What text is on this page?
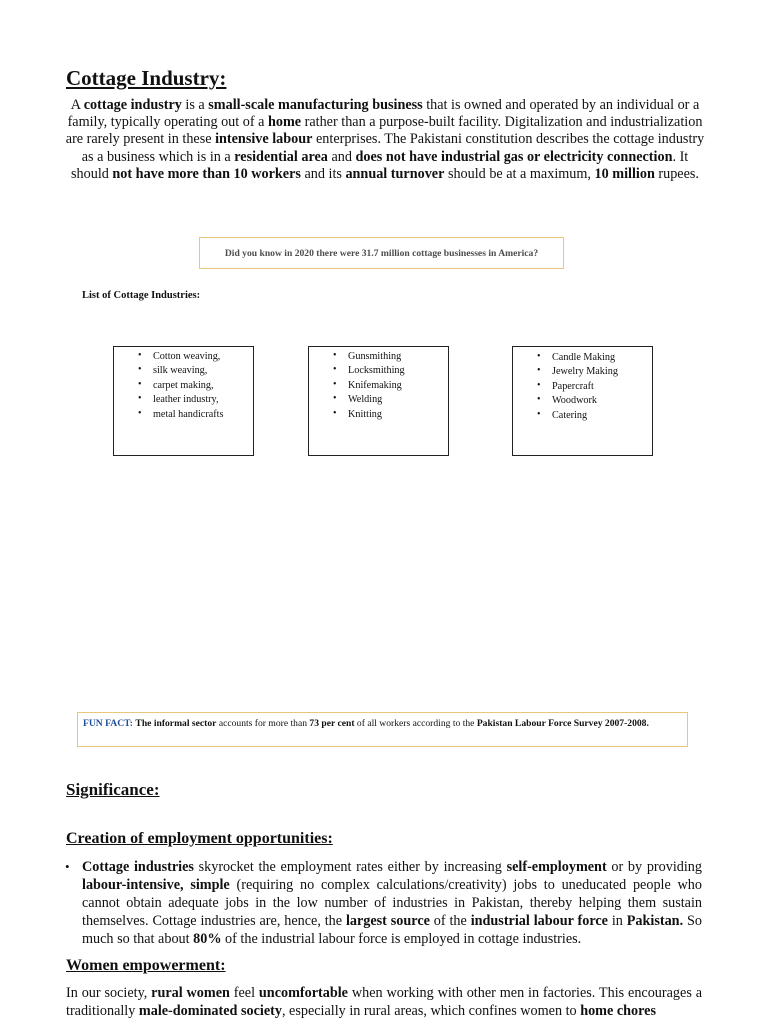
Cottage Industry:

A cottage industry is a small-scale manufacturing business that is owned and operated by an individual or a family, typically operating out of a home rather than a purpose-built facility. Digitalization and industrialization are rarely present in these intensive labour enterprises. The Pakistani constitution describes the cottage industry as a business which is in a residential area and does not have industrial gas or electricity connection. It should not have more than 10 workers and its annual turnover should be at a maximum, 10 million rupees.

Did you know in 2020 there were 31.7 million cottage businesses in America?

List of Cottage Industries:

• Cotton weaving,
• silk weaving,
• carpet making,
• leather industry,
• metal handicrafts
• Gunsmithing
• Locksmithing
• Knifemaking
• Welding
• Knitting
• Candle Making
• Jewelry Making
• Papercraft
• Woodwork
• Catering
FUN FACT: The informal sector accounts for more than 73 per cent of all workers according to the Pakistan Labour Force Survey 2007-2008.
Significance:
Creation of employment opportunities:

• Cottage industries skyrocket the employment rates either by increasing self-employment or by providing labour-intensive, simple (requiring no complex calculations/creativity) jobs to uneducated people who cannot obtain adequate jobs in the low number of industries in Pakistan, thereby helping them sustain themselves. Cottage industries are, hence, the largest source of the industrial labour force in Pakistan. So much so that about 80% of the industrial labour force is employed in cottage industries.

Women empowerment:

In our society, rural women feel uncomfortable when working with other men in factories. This encourages a traditionally male-dominated society, especially in rural areas, which confines women to home chores
